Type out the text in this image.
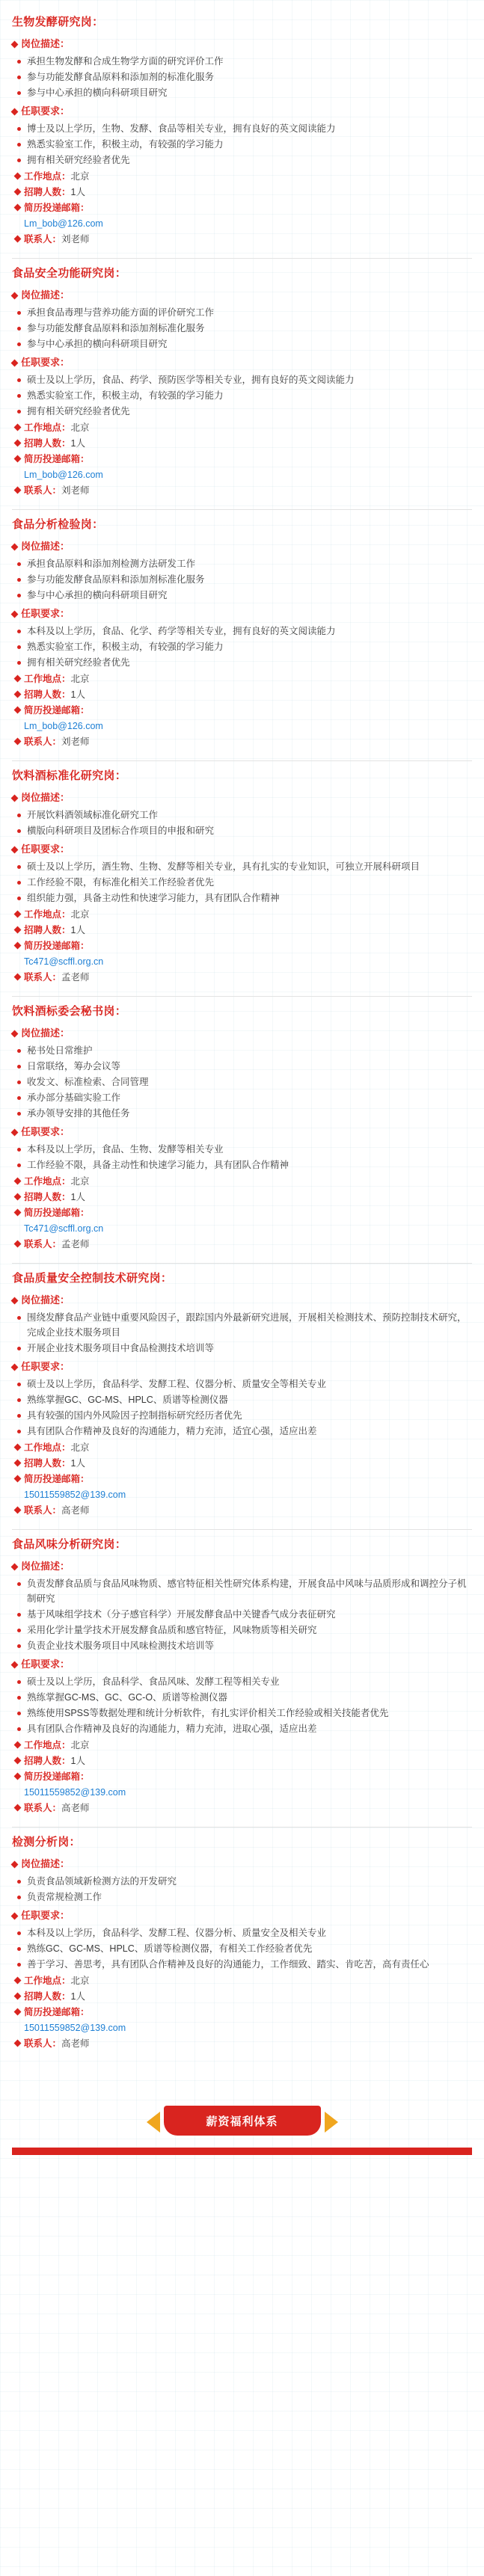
生物发酵研究岗：
岗位描述：
承担生物发酵和合成生物学方面的研究评价工作
参与功能发酵食品原料和添加剂的标准化服务
参与中心承担的横向科研项目研究
任职要求：
博士及以上学历，生物、发酵、食品等相关专业，拥有良好的英文阅读能力
熟悉实验室工作，积极主动，有较强的学习能力
拥有相关研究经验者优先
工作地点： 北京
招聘人数： 1人
简历投递邮箱：
Lm_bob@126.com
联系人： 刘老师
食品安全功能研究岗：
岗位描述：
承担食品毒理与营养功能方面的评价研究工作
参与功能发酵食品原料和添加剂标准化服务
参与中心承担的横向科研项目研究
任职要求：
硕士及以上学历，食品、药学、预防医学等相关专业，拥有良好的英文阅读能力
熟悉实验室工作，积极主动，有较强的学习能力
拥有相关研究经验者优先
工作地点： 北京
招聘人数： 1人
简历投递邮箱：
Lm_bob@126.com
联系人： 刘老师
食品分析检验岗：
岗位描述：
承担食品原料和添加剂检测方法研发工作
参与功能发酵食品原料和添加剂标准化服务
参与中心承担的横向科研项目研究
任职要求：
本科及以上学历，食品、化学、药学等相关专业，拥有良好的英文阅读能力
熟悉实验室工作，积极主动，有较强的学习能力
拥有相关研究经验者优先
工作地点： 北京
招聘人数： 1人
简历投递邮箱：
Lm_bob@126.com
联系人： 刘老师
饮料酒标准化研究岗：
岗位描述：
开展饮料酒领域标准化研究工作
横版向科研项目及团标合作项目的申报和研究
任职要求：
硕士及以上学历，酒生物、生物、发酵等相关专业，具有扎实的专业知识，可独立开展科研项目
工作经验不限，有标准化相关工作经验者优先
组织能力强，具备主动性和快速学习能力，具有团队合作精神
工作地点： 北京
招聘人数： 1人
简历投递邮箱：
Tc471@scffl.org.cn
联系人： 孟老师
饮料酒标委会秘书岗：
岗位描述：
秘书处日常维护
日常联络，筹办会议等
收发文、标准检索、合同管理
承办部分基础实验工作
承办领导安排的其他任务
任职要求：
本科及以上学历，食品、生物、发酵等相关专业
工作经验不限，具备主动性和快速学习能力，具有团队合作精神
工作地点： 北京
招聘人数： 1人
简历投递邮箱：
Tc471@scffl.org.cn
联系人： 孟老师
食品质量安全控制技术研究岗：
岗位描述：
围绕发酵食品产业链中重要风险因子，跟踪国内外最新研究进展，开展相关检测技术、预防控制技术研究，完成企业技术服务项目
开展企业技术服务项目中食品检测技术培训等
任职要求：
硕士及以上学历，食品科学、发酵工程、仪器分析、质量安全等相关专业
熟练掌握GC、GC-MS、HPLC、质谱等检测仪器
具有较强的国内外风险因子控制指标研究经历者优先
具有团队合作精神及良好的沟通能力，精力充沛，适宜心强，适应出差
工作地点： 北京
招聘人数： 1人
简历投递邮箱：
15011559852@139.com
联系人： 高老师
食品风味分析研究岗：
岗位描述：
负责发酵食品质与食品风味物质、感官特征相关性研究体系构建，开展食品中风味与品质形成和调控分子机制研究
基于风味组学技术（分子感官科学）开展发酵食品中关键香气成分表征研究
采用化学计量学技术开展发酵食品质和感官特征，风味物质等相关研究
负责企业技术服务项目中风味检测技术培训等
任职要求：
硕士及以上学历，食品科学、食品风味、发酵工程等相关专业
熟练掌握GC-MS、GC、GC-O、质谱等检测仪器
熟练使用SPSS等数据处理和统计分析软件，有扎实评价相关工作经验或相关技能者优先
具有团队合作精神及良好的沟通能力，精力充沛，进取心强，适应出差
工作地点： 北京
招聘人数： 1人
简历投递邮箱：
15011559852@139.com
联系人： 高老师
检测分析岗：
岗位描述：
负责食品领域新检测方法的开发研究
负责常规检测工作
任职要求：
本科及以上学历，食品科学、发酵工程、仪器分析、质量安全及相关专业
熟练GC、GC-MS、HPLC、质谱等检测仪器，有相关工作经验者优先
善于学习、善思考，具有团队合作精神及良好的沟通能力，工作细致、踏实、肯吃苦，高有责任心
工作地点： 北京
招聘人数： 1人
简历投递邮箱：
15011559852@139.com
联系人： 高老师
薪资福利体系
